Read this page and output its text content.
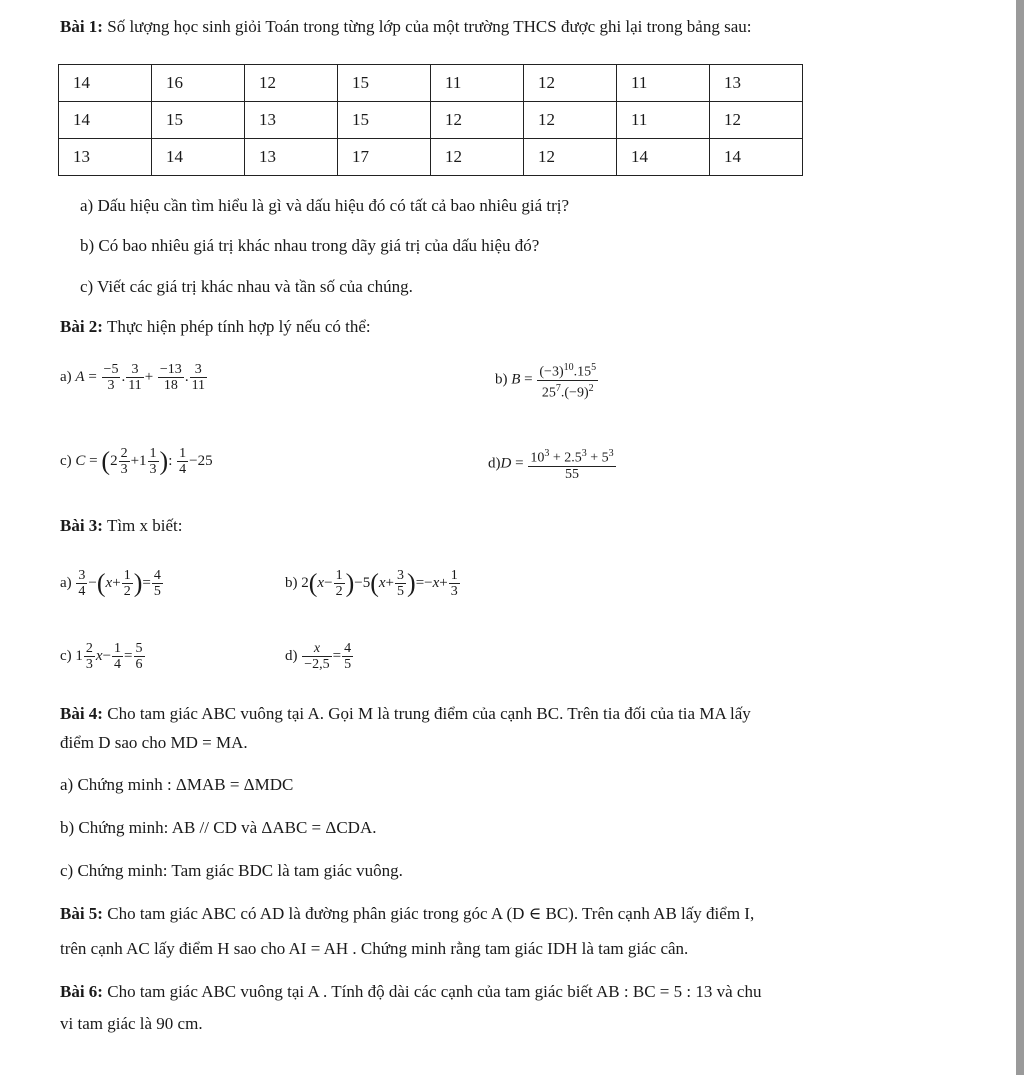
Bài 1: Số lượng học sinh giỏi Toán trong từng lớp của một trường THCS được ghi lại trong bảng sau:
14	16	12	15	11	12	11	13
14	15	13	15	12	12	11	12
13	14	13	17	12	12	14	14
a) Dấu hiệu cần tìm hiểu là gì và dấu hiệu đó có tất cả bao nhiêu giá trị?
b) Có bao nhiêu giá trị khác nhau trong dãy giá trị của dấu hiệu đó?
c) Viết các giá trị khác nhau và tần số của chúng.
Bài 2: Thực hiện phép tính hợp lý nếu có thể:
a) $A = \frac{-5}{3}$ . $\frac{3}{11} + \frac{-13}{18}$ . $\frac{3}{11}$	b) $B = \frac{(-3)^{10}.15^5}{25^7.(-9)^2}$
c) $C = (2 \frac{2}{3} +1 \frac{1}{3}$ ): $\frac{1}{4} -25$	$d)D = \frac{10^3 + 2.5^3 + 5^3}{55}$
Bài 3: Tìm x biết:
$a) \frac{3}{4} -(x+ \frac{1}{2}$ )= $\frac{4}{5}$	b) $2(x- \frac{1}{2} )-5(x+ \frac{3}{5} )=-x+ \frac{1}{3}$
c) $1 \frac{2}{3} x- \frac{1}{4} = \frac{5}{6}$	$d) \frac{x}{-2,5} = \frac{4}{5}$
Bài 4: Cho tam giác ABC vuông tại A. Gọi M là trung điểm của cạnh BC. Trên tia đối của tia MA lấy
điểm D sao cho MD = MA.
a) Chứng minh : ΔMAB = ΔMDC
b) Chứng minh: AB // CD và ΔABC = ΔCDA.
c) Chứng minh: Tam giác BDC là tam giác vuông.
Bài 5: Cho tam giác ABC có AD là đường phân giác trong góc A (D ∈ BC). Trên cạnh AB lấy điểm I,
trên cạnh AC lấy điểm H sao cho AI = AH . Chứng minh rằng tam giác IDH là tam giác cân.
Bài 6: Cho tam giác ABC vuông tại A . Tính độ dài các cạnh của tam giác biết AB : BC = 5 : 13 và chu
vi tam giác là 90 cm.
